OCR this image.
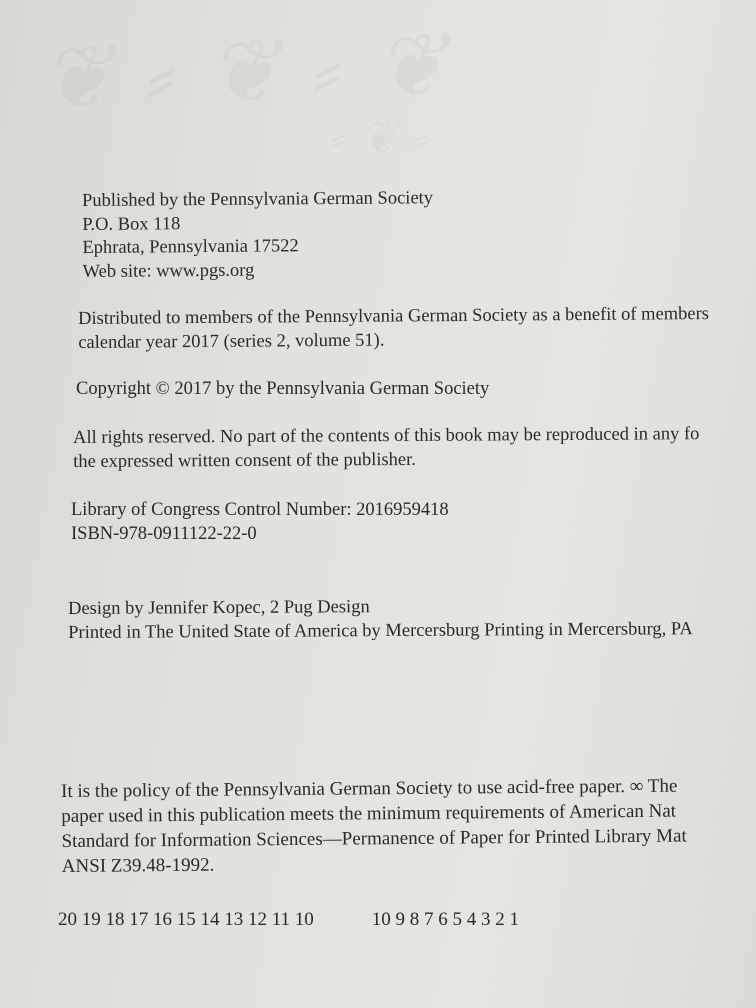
Published by the Pennsylvania German Society
P.O. Box 118
Ephrata, Pennsylvania 17522
Web site: www.pgs.org
Distributed to members of the Pennsylvania German Society as a benefit of members
calendar year 2017 (series 2, volume 51).
Copyright © 2017 by the Pennsylvania German Society
All rights reserved. No part of the contents of this book may be reproduced in any fo
the expressed written consent of the publisher.
Library of Congress Control Number: 2016959418
ISBN-978-0911122-22-0
Design by Jennifer Kopec, 2 Pug Design
Printed in The United State of America by Mercersburg Printing in Mercersburg, PA
It is the policy of the Pennsylvania German Society to use acid-free paper. ∞ The
paper used in this publication meets the minimum requirements of American Nat
Standard for Information Sciences—Permanence of Paper for Printed Library Mat
ANSI Z39.48-1992.
20 19 18 17 16 15 14 13 12 11 10	10 9 8 7 6 5 4 3 2 1
